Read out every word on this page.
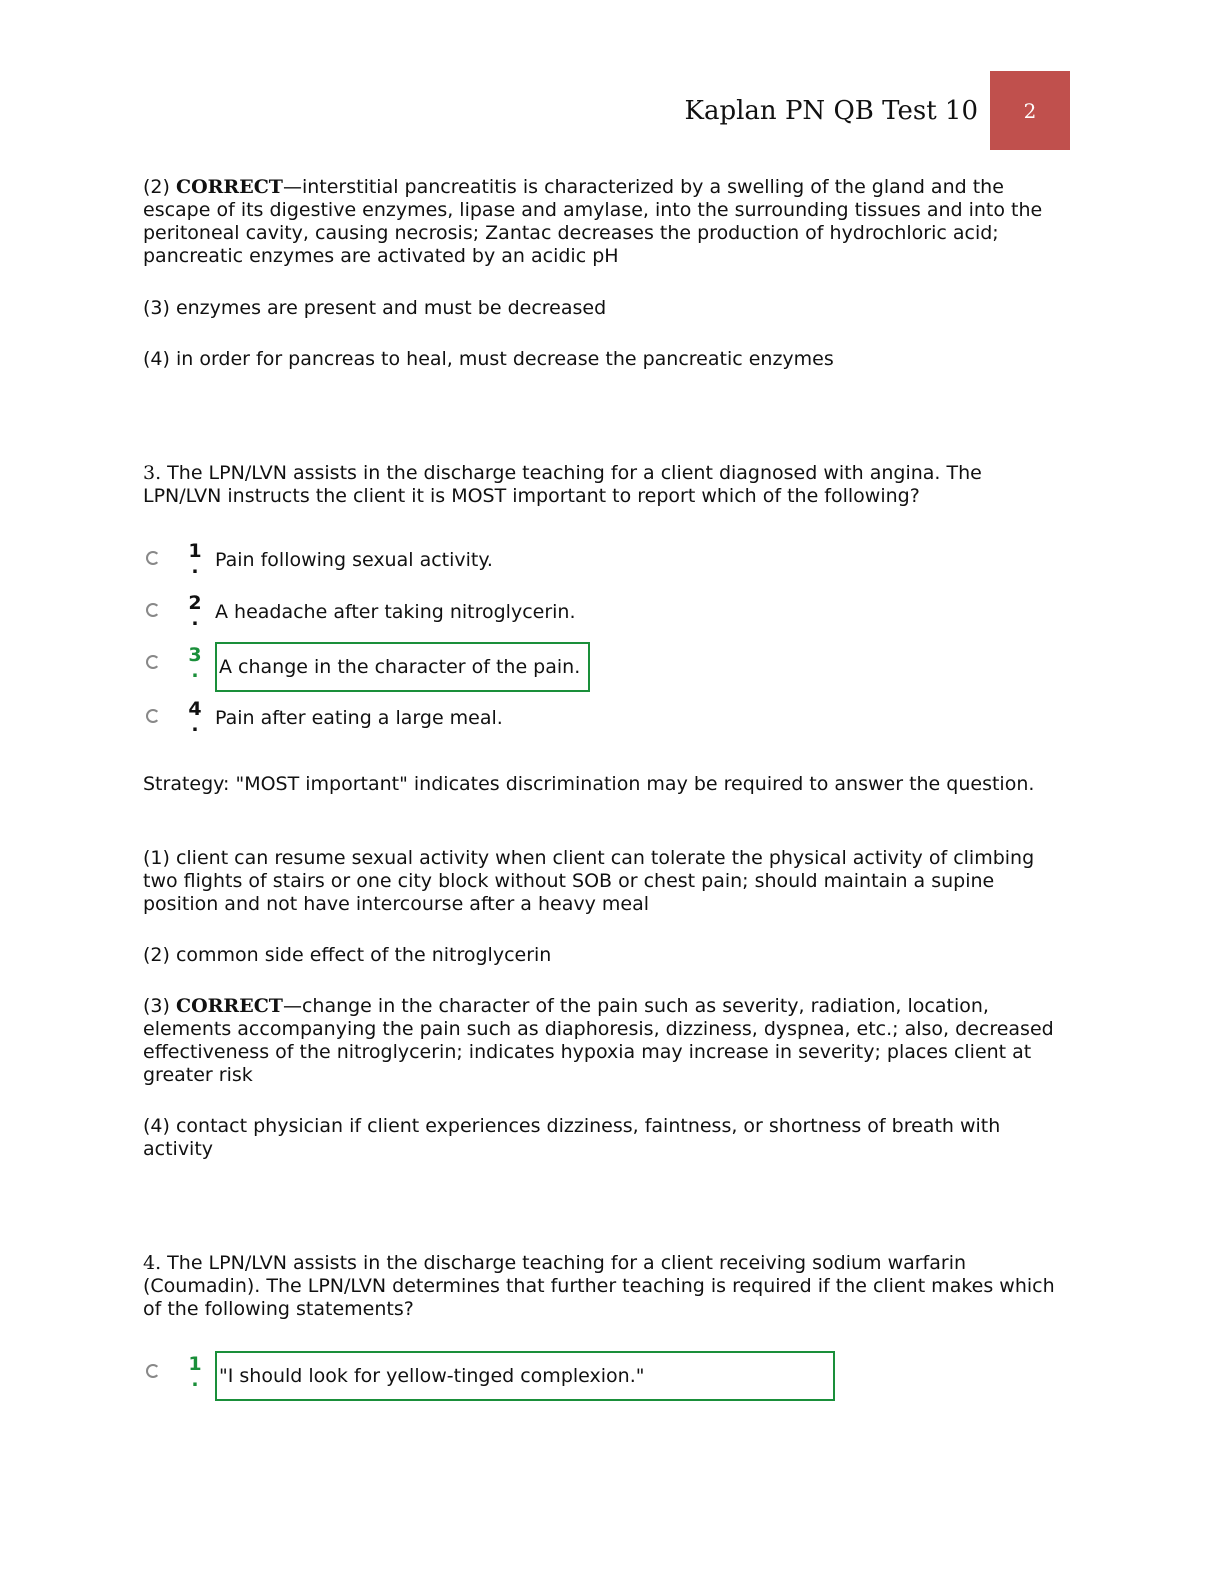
Kaplan PN QB Test 10 2

(2) CORRECT—interstitial pancreatitis is characterized by a swelling of the gland and the escape of its digestive enzymes, lipase and amylase, into the surrounding tissues and into the peritoneal cavity, causing necrosis; Zantac decreases the production of hydrochloric acid; pancreatic enzymes are activated by an acidic pH

(3) enzymes are present and must be decreased

(4) in order for pancreas to heal, must decrease the pancreatic enzymes

3. The LPN/LVN assists in the discharge teaching for a client diagnosed with angina. The LPN/LVN instructs the client it is MOST important to report which of the following?

1
. Pain following sexual activity.
2
. A headache after taking nitroglycerin.
3
. A change in the character of the pain.
4
. Pain after eating a large meal.

Strategy: "MOST important" indicates discrimination may be required to answer the question.

(1) client can resume sexual activity when client can tolerate the physical activity of climbing two flights of stairs or one city block without SOB or chest pain; should maintain a supine position and not have intercourse after a heavy meal

(2) common side effect of the nitroglycerin

(3) CORRECT—change in the character of the pain such as severity, radiation, location, elements accompanying the pain such as diaphoresis, dizziness, dyspnea, etc.; also, decreased effectiveness of the nitroglycerin; indicates hypoxia may increase in severity; places client at greater risk

(4) contact physician if client experiences dizziness, faintness, or shortness of breath with activity

4. The LPN/LVN assists in the discharge teaching for a client receiving sodium warfarin (Coumadin). The LPN/LVN determines that further teaching is required if the client makes which of the following statements?

1
. "I should look for yellow-tinged complexion."
